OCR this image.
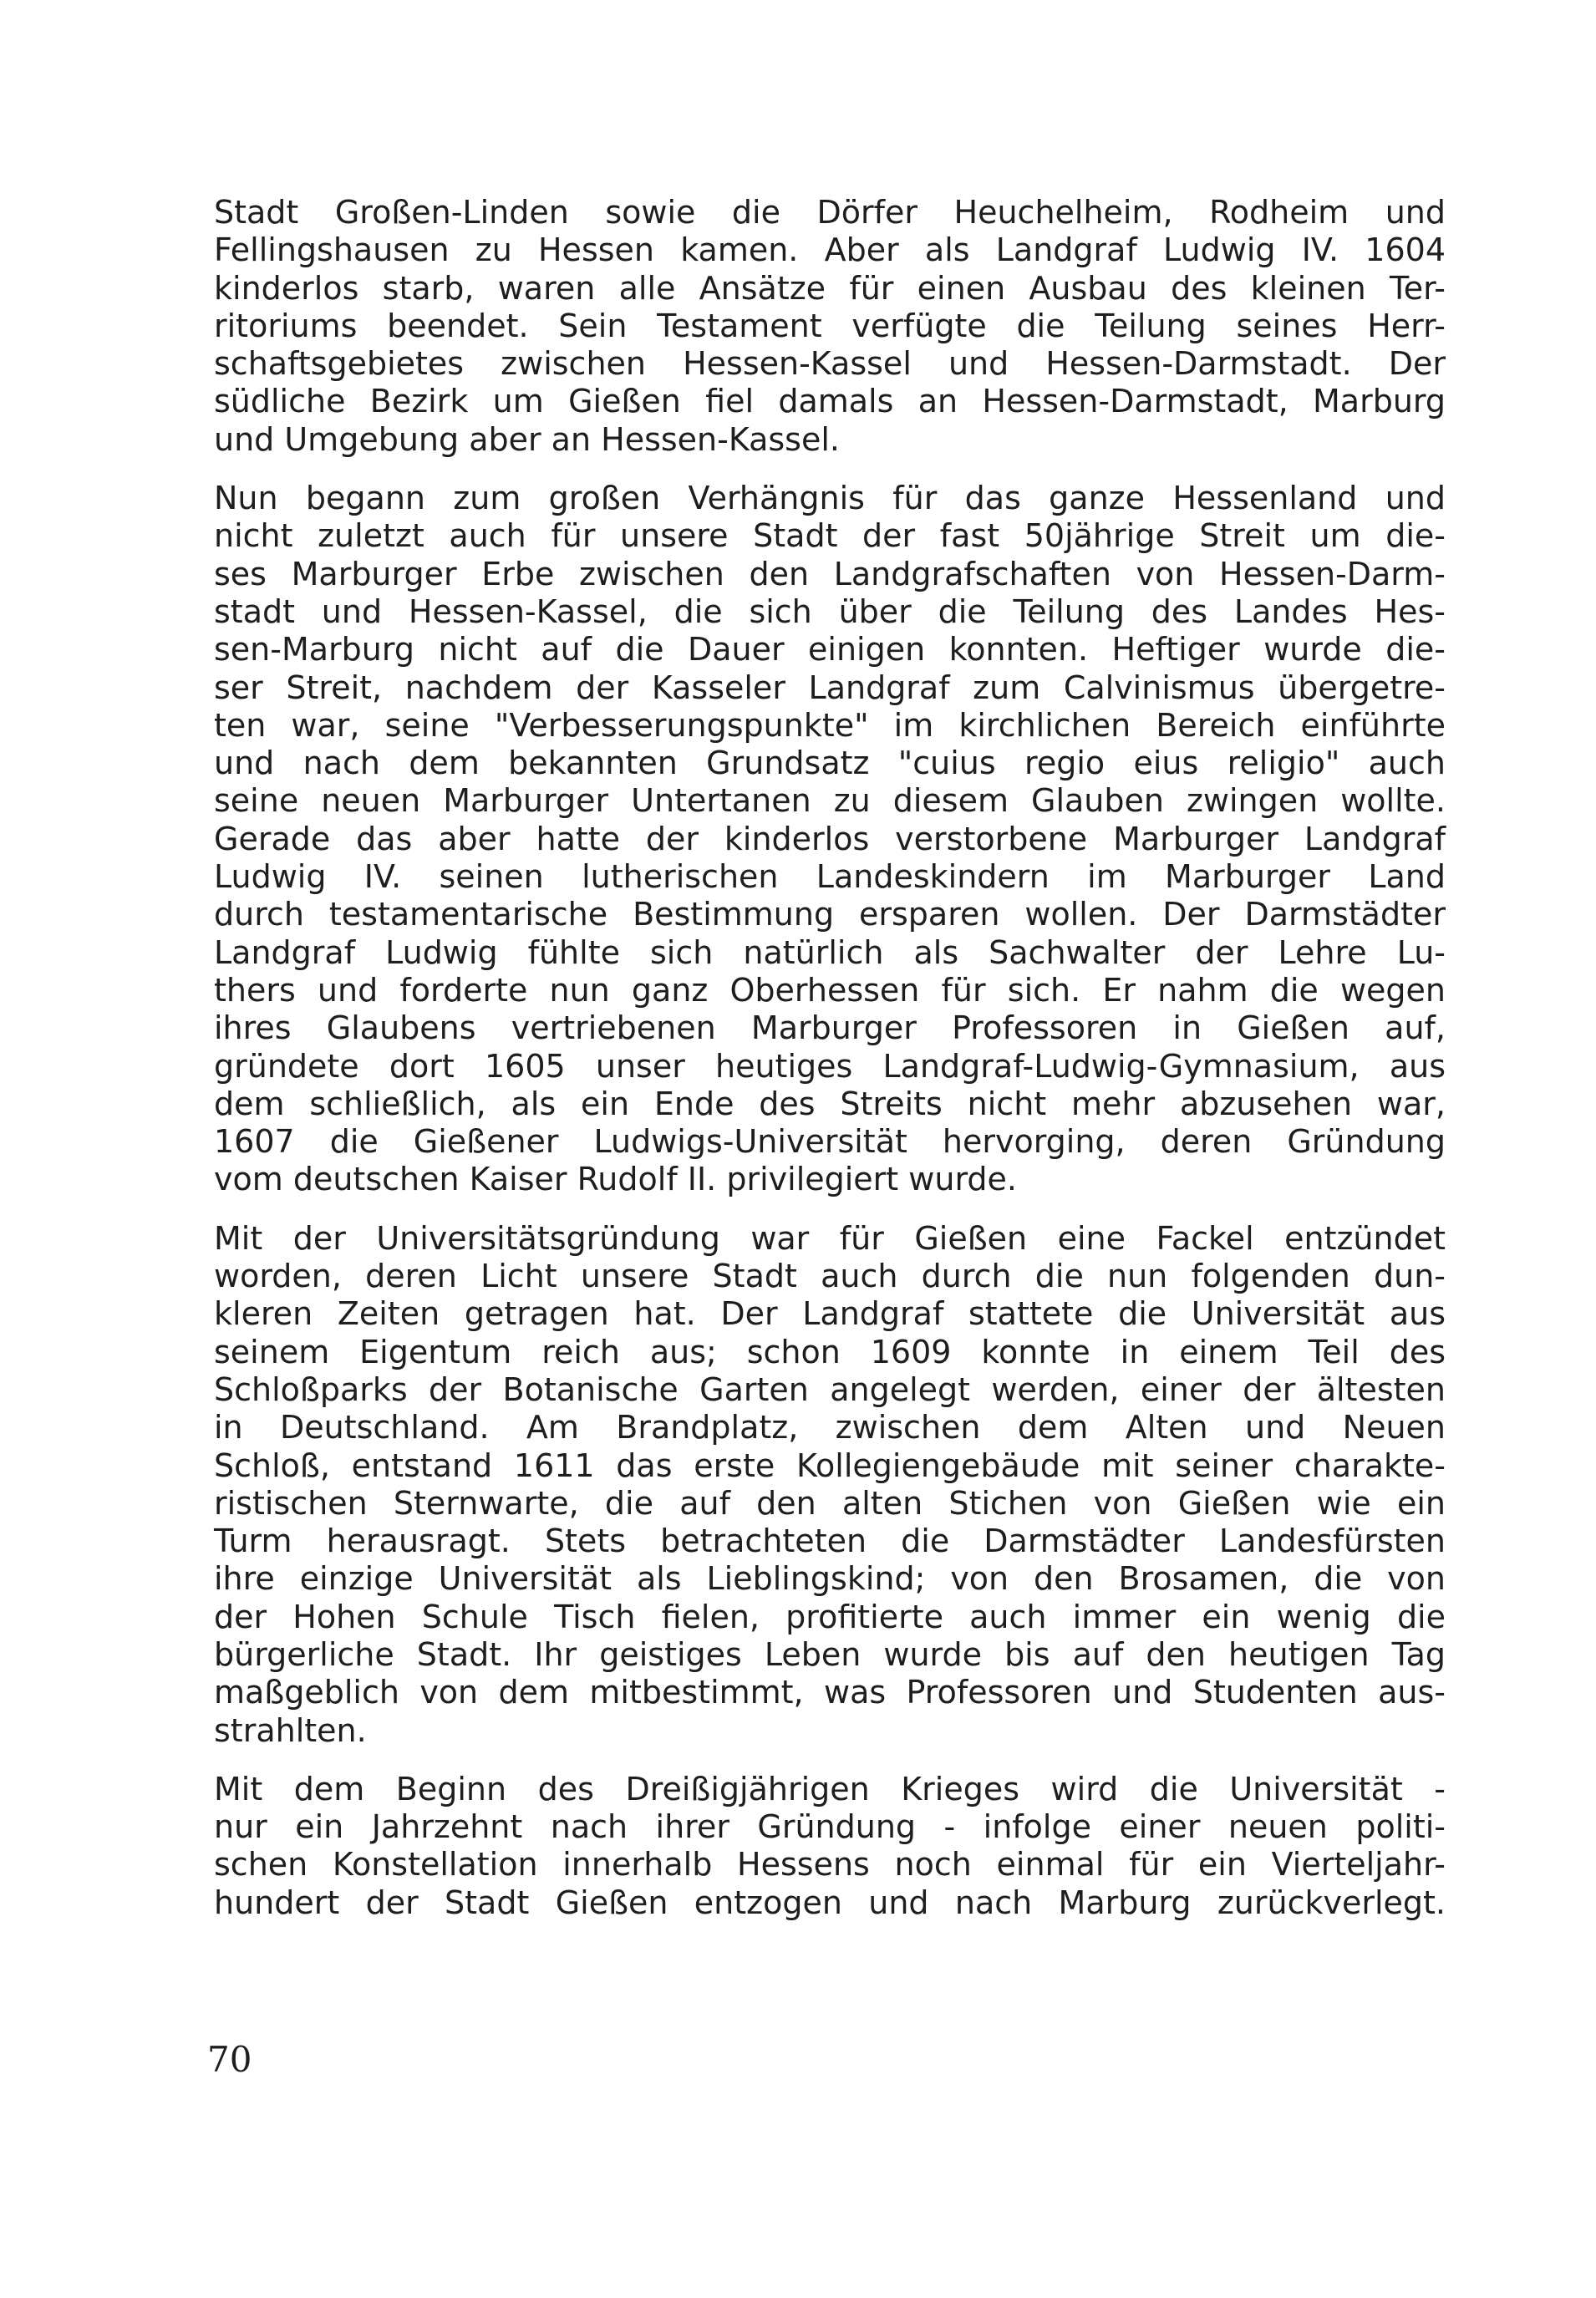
Stadt Großen-Linden sowie die Dörfer Heuchelheim, Rodheim und
Fellingshausen zu Hessen kamen. Aber als Landgraf Ludwig IV. 1604
kinderlos starb, waren alle Ansätze für einen Ausbau des kleinen Ter-
ritoriums beendet. Sein Testament verfügte die Teilung seines Herr-
schaftsgebietes zwischen Hessen-Kassel und Hessen-Darmstadt. Der
südliche Bezirk um Gießen fiel damals an Hessen-Darmstadt, Marburg
und Umgebung aber an Hessen-Kassel.
Nun begann zum großen Verhängnis für das ganze Hessenland und
nicht zuletzt auch für unsere Stadt der fast 50jährige Streit um die-
ses Marburger Erbe zwischen den Landgrafschaften von Hessen-Darm-
stadt und Hessen-Kassel, die sich über die Teilung des Landes Hes-
sen-Marburg nicht auf die Dauer einigen konnten. Heftiger wurde die-
ser Streit, nachdem der Kasseler Landgraf zum Calvinismus übergetre-
ten war, seine "Verbesserungspunkte" im kirchlichen Bereich einführte
und nach dem bekannten Grundsatz "cuius regio eius religio" auch
seine neuen Marburger Untertanen zu diesem Glauben zwingen wollte.
Gerade das aber hatte der kinderlos verstorbene Marburger Landgraf
Ludwig IV. seinen lutherischen Landeskindern im Marburger Land
durch testamentarische Bestimmung ersparen wollen. Der Darmstädter
Landgraf Ludwig fühlte sich natürlich als Sachwalter der Lehre Lu-
thers und forderte nun ganz Oberhessen für sich. Er nahm die wegen
ihres Glaubens vertriebenen Marburger Professoren in Gießen auf,
gründete dort 1605 unser heutiges Landgraf-Ludwig-Gymnasium, aus
dem schließlich, als ein Ende des Streits nicht mehr abzusehen war,
1607 die Gießener Ludwigs-Universität hervorging, deren Gründung
vom deutschen Kaiser Rudolf II. privilegiert wurde.
Mit der Universitätsgründung war für Gießen eine Fackel entzündet
worden, deren Licht unsere Stadt auch durch die nun folgenden dun-
kleren Zeiten getragen hat. Der Landgraf stattete die Universität aus
seinem Eigentum reich aus; schon 1609 konnte in einem Teil des
Schloßparks der Botanische Garten angelegt werden, einer der ältesten
in Deutschland. Am Brandplatz, zwischen dem Alten und Neuen
Schloß, entstand 1611 das erste Kollegiengebäude mit seiner charakte-
ristischen Sternwarte, die auf den alten Stichen von Gießen wie ein
Turm herausragt. Stets betrachteten die Darmstädter Landesfürsten
ihre einzige Universität als Lieblingskind; von den Brosamen, die von
der Hohen Schule Tisch fielen, profitierte auch immer ein wenig die
bürgerliche Stadt. Ihr geistiges Leben wurde bis auf den heutigen Tag
maßgeblich von dem mitbestimmt, was Professoren und Studenten aus-
strahlten.
Mit dem Beginn des Dreißigjährigen Krieges wird die Universität -
nur ein Jahrzehnt nach ihrer Gründung - infolge einer neuen politi-
schen Konstellation innerhalb Hessens noch einmal für ein Vierteljahr-
hundert der Stadt Gießen entzogen und nach Marburg zurückverlegt.
70
